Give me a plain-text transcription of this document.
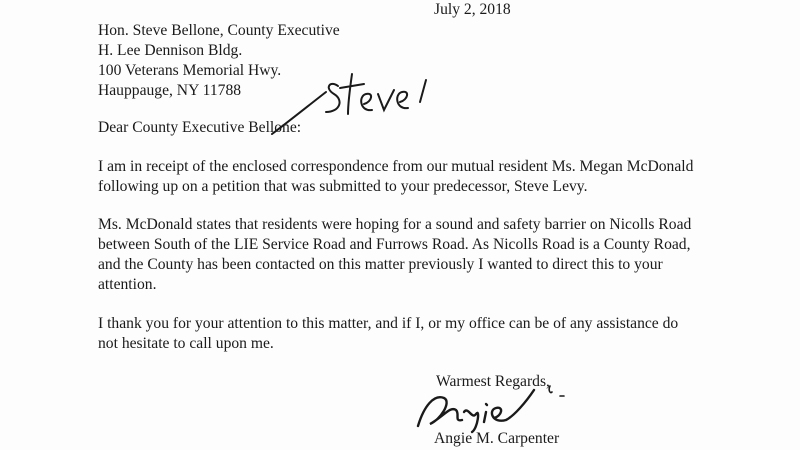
July 2, 2018
Hon. Steve Bellone, County Executive
H. Lee Dennison Bldg.
100 Veterans Memorial Hwy.
Hauppauge, NY 11788	Steve,
Dear County Executive Bellone:
I am in receipt of the enclosed correspondence from our mutual resident Ms. Megan McDonald
following up on a petition that was submitted to your predecessor, Steve Levy.
Ms. McDonald states that residents were hoping for a sound and safety barrier on Nicolls Road
between South of the LIE Service Road and Furrows Road. As Nicolls Road is a County Road,
and the County has been contacted on this matter previously I wanted to direct this to your
attention.
I thank you for your attention to this matter, and if I, or my office can be of any assistance do
not hesitate to call upon me.
Warmest Regards,
Angie
Angie M. Carpenter
